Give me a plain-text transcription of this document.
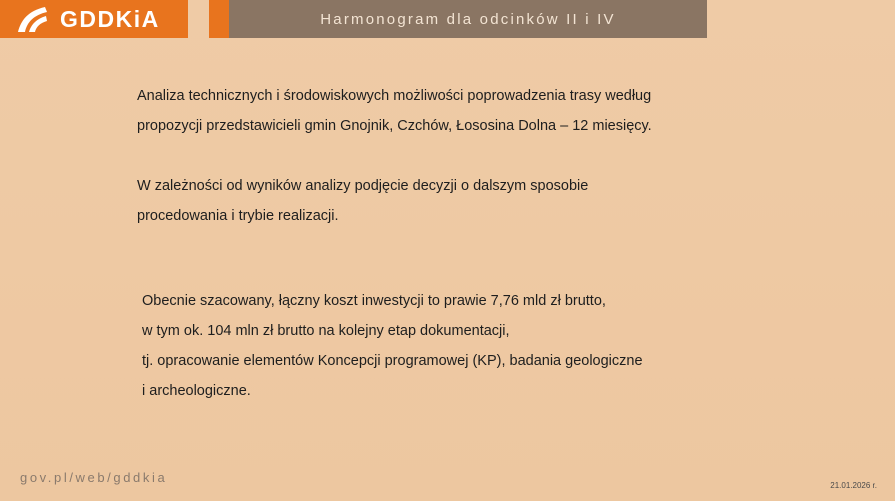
GDDKiA	Harmonogram dla odcinków II i IV

Analiza technicznych i środowiskowych możliwości poprowadzenia trasy według
propozycji przedstawicieli gmin Gnojnik, Czchów, Łososina Dolna – 12 miesięcy.

W zależności od wyników analizy podjęcie decyzji o dalszym sposobie
procedowania i trybie realizacji.

Obecnie szacowany, łączny koszt inwestycji to prawie 7,76 mld zł brutto,
w tym ok. 104 mln zł brutto na kolejny etap dokumentacji,
tj. opracowanie elementów Koncepcji programowej (KP), badania geologiczne
i archeologiczne.

gov.pl/web/gddkia
21.01.2026 r.
